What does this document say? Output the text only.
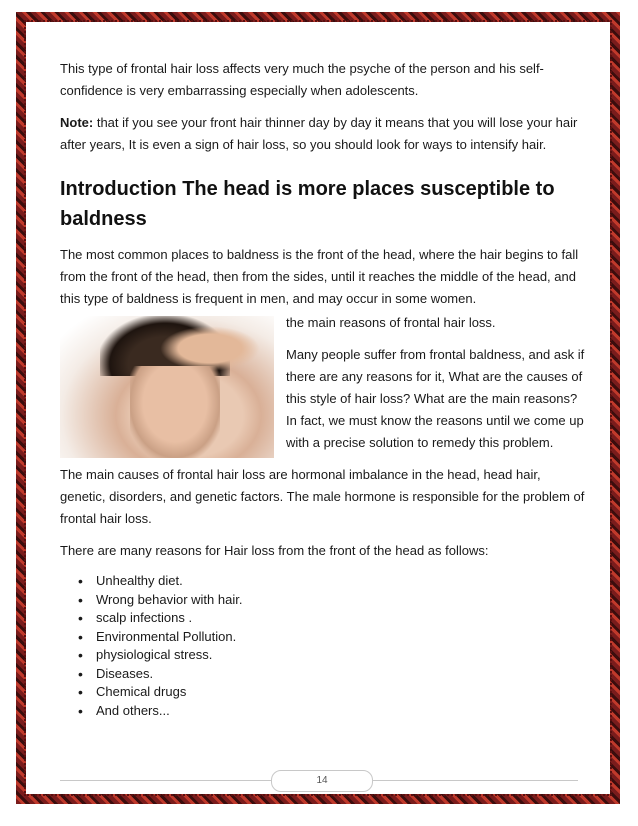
This type of frontal hair loss affects very much the psyche of the person and his self-confidence is very embarrassing especially when adolescents.

Note: that if you see your front hair thinner day by day it means that you will lose your hair after years, It is even a sign of hair loss, so you should look for ways to intensify hair.

Introduction The head is more places susceptible to baldness

The most common places to baldness is the front of the head, where the hair begins to fall from the front of the head, then from the sides, until it reaches the middle of the head, and this type of baldness is frequent in men, and may occur in some women.

the main reasons of frontal hair loss.

Many people suffer from frontal baldness, and ask if there are any reasons for it, What are the causes of this style of hair loss? What are the main reasons? In fact, we must know the reasons until we come up with a precise solution to remedy this problem.

The main causes of frontal hair loss are hormonal imbalance in the head, head hair, genetic, disorders, and genetic factors. The male hormone is responsible for the problem of frontal hair loss.

There are many reasons for Hair loss from the front of the head as follows:

• Unhealthy diet.
• Wrong behavior with hair.
• scalp infections .
• Environmental Pollution.
• physiological stress.
• Diseases.
• Chemical drugs
• And others...
14
